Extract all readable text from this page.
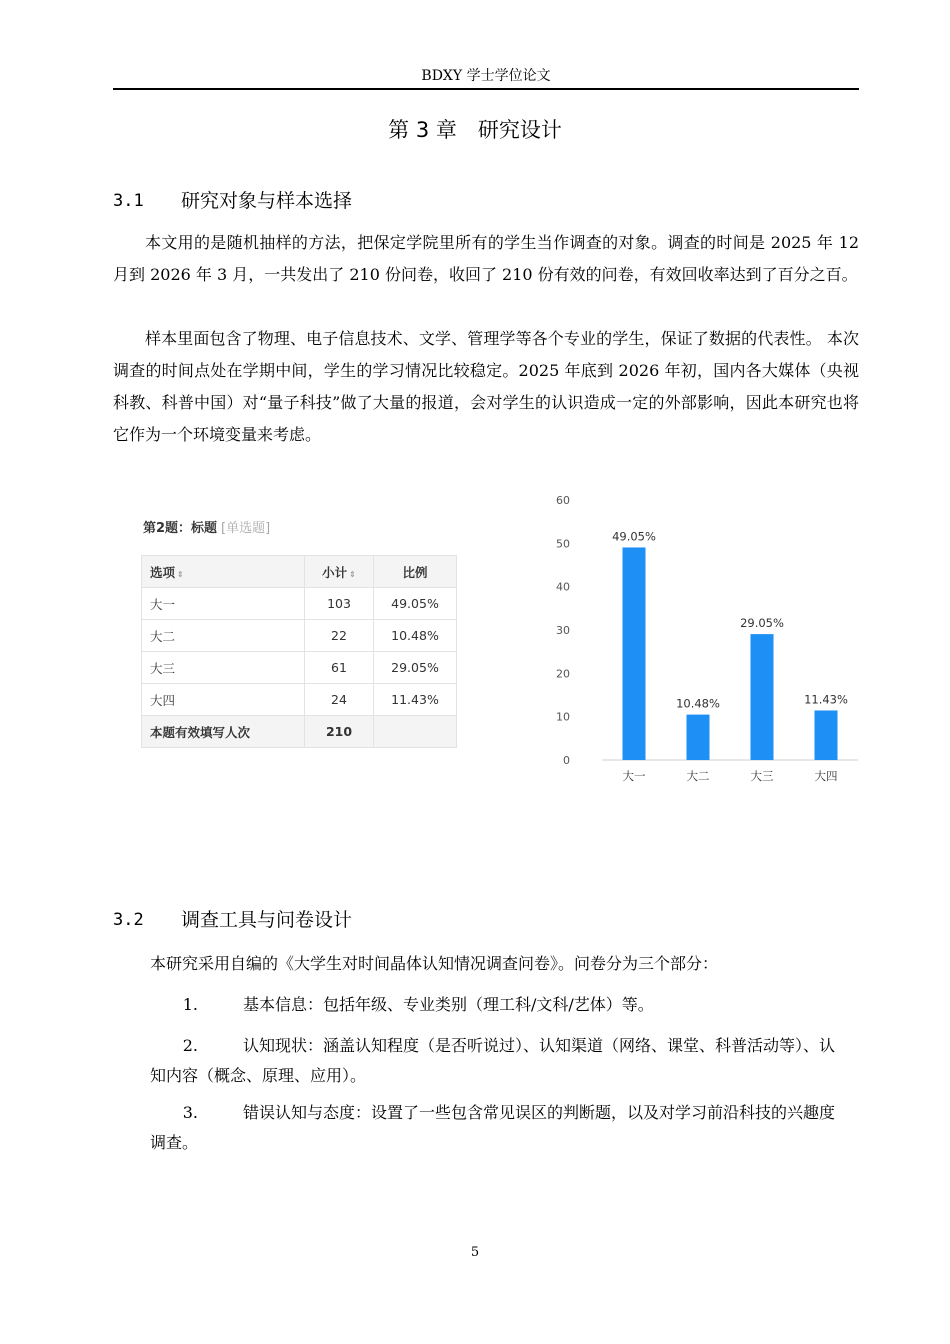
BDXY 学士学位论文
第 3 章　研究设计
3.1	研究对象与样本选择

本文用的是随机抽样的方法，把保定学院里所有的学生当作调查的对象。调查的时间是 2025 年 12 月到 2026 年 3 月，一共发出了 210 份问卷，收回了 210 份有效的问卷，有效回收率达到了百分之百。

样本里面包含了物理、电子信息技术、文学、管理学等各个专业的学生，保证了数据的代表性。 本次调查的时间点处在学期中间，学生的学习情况比较稳定。2025 年底到 2026 年初，国内各大媒体（央视科教、科普中国）对“量子科技”做了大量的报道，会对学生的认识造成一定的外部影响，因此本研究也将它作为一个环境变量来考虑。

第2题：标题 [单选题]
选项 ⇕	小计 ⇕	比例
大一	103	49.05%
大二	22	10.48%
大三	61	29.05%
大四	24	11.43%
本题有效填写人次	210	
0
10
20
30
40
50
60
49.05%
大一
10.48%
大二
29.05%
大三
11.43%
大四
3.2	调查工具与问卷设计

本研究采用自编的《大学生对时间晶体认知情况调查问卷》。问卷分为三个部分：

1.	基本信息：包括年级、专业类别（理工科/文科/艺体）等。

2.	认知现状：涵盖认知程度（是否听说过）、认知渠道（网络、课堂、科普活动等）、认知内容（概念、原理、应用）。

3.	错误认知与态度：设置了一些包含常见误区的判断题，以及对学习前沿科技的兴趣度调查。

5
